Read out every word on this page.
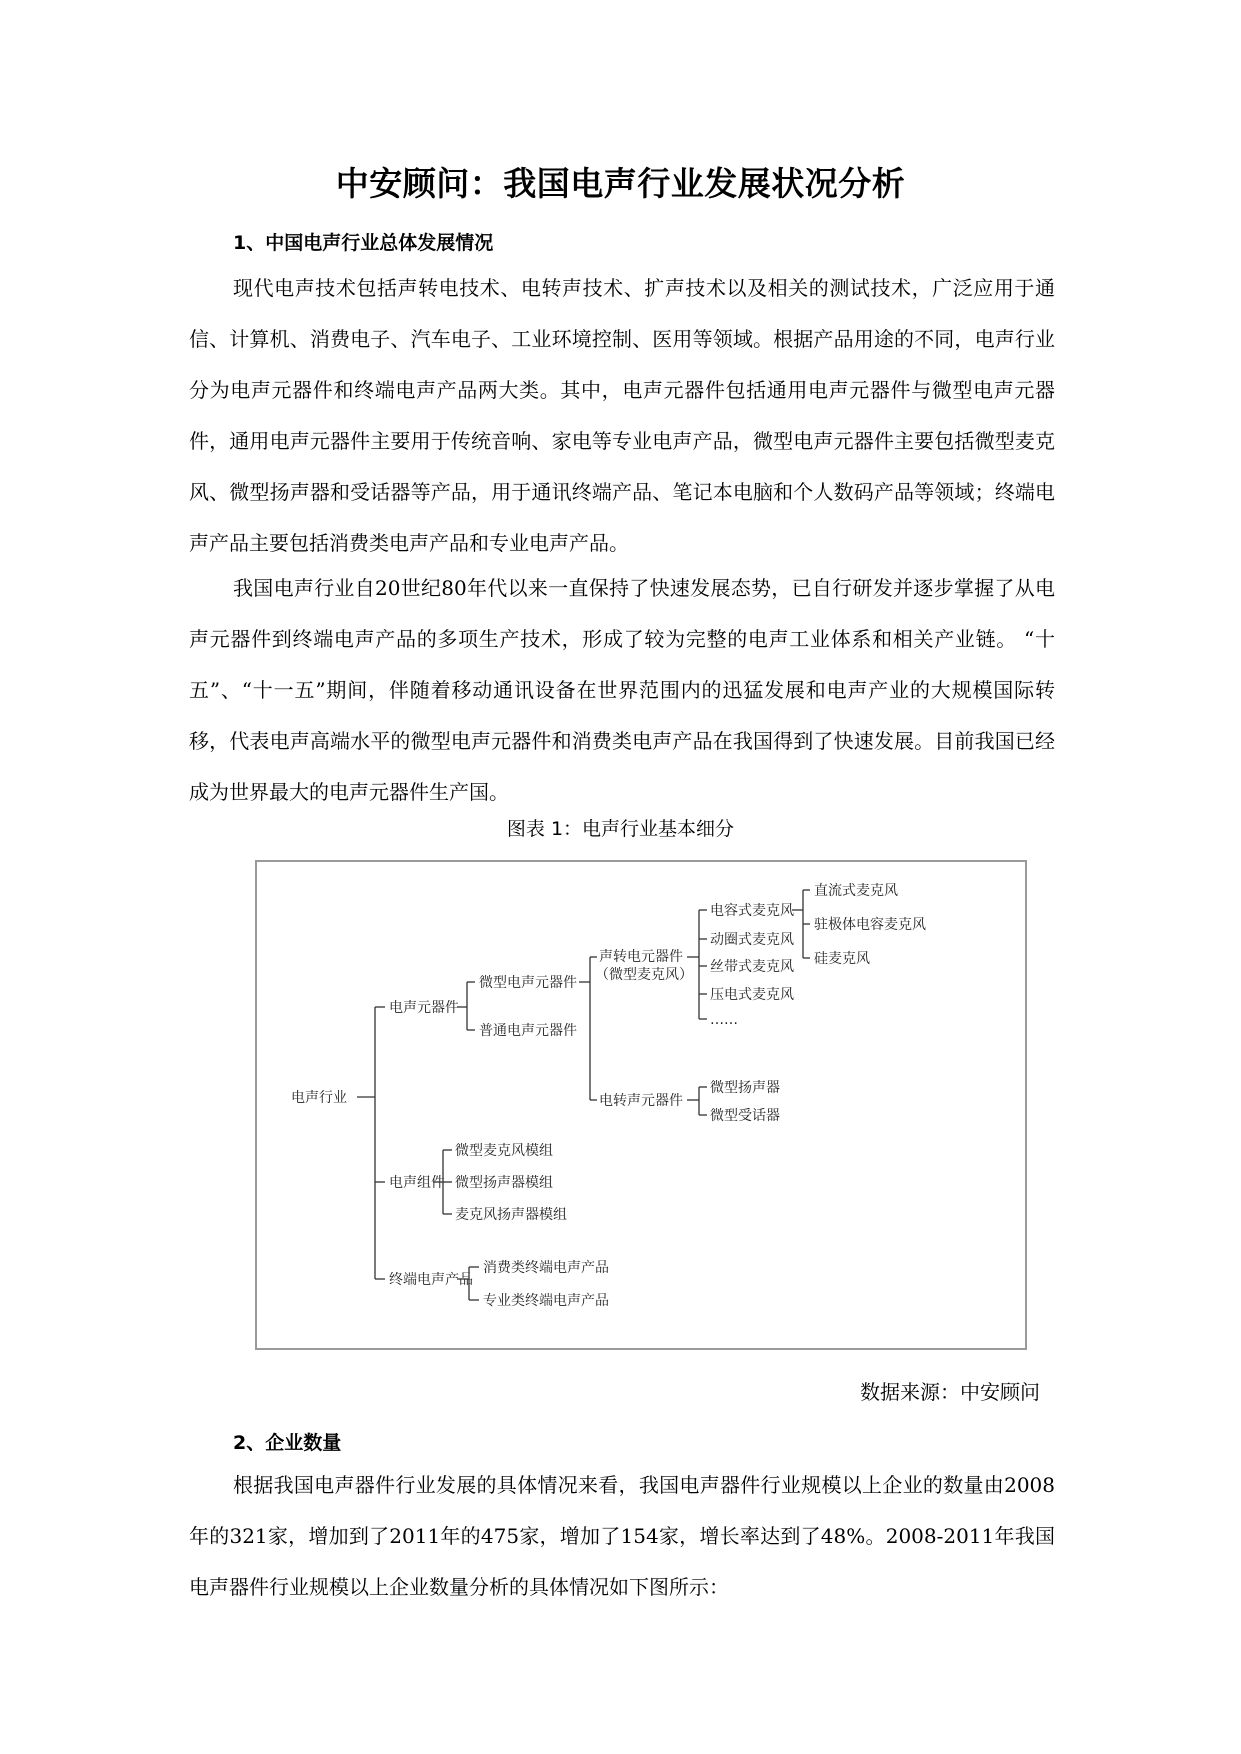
中安顾问：我国电声行业发展状况分析
1、中国电声行业总体发展情况
现代电声技术包括声转电技术、电转声技术、扩声技术以及相关的测试技术，广泛应用于通信、计算机、消费电子、汽车电子、工业环境控制、医用等领域。根据产品用途的不同，电声行业分为电声元器件和终端电声产品两大类。其中，电声元器件包括通用电声元器件与微型电声元器件，通用电声元器件主要用于传统音响、家电等专业电声产品，微型电声元器件主要包括微型麦克风、微型扬声器和受话器等产品，用于通讯终端产品、笔记本电脑和个人数码产品等领域；终端电声产品主要包括消费类电声产品和专业电声产品。
我国电声行业自20世纪80年代以来一直保持了快速发展态势，已自行研发并逐步掌握了从电声元器件到终端电声产品的多项生产技术，形成了较为完整的电声工业体系和相关产业链。 “十五”、“十一五”期间，伴随着移动通讯设备在世界范围内的迅猛发展和电声产业的大规模国际转移，代表电声高端水平的微型电声元器件和消费类电声产品在我国得到了快速发展。目前我国已经成为世界最大的电声元器件生产国。
图表 1：电声行业基本细分
电声行业
电声元器件
电声组件
终端电声产品
微型电声元器件
普通电声元器件
声转电元器件
（微型麦克风）
电转声元器件
电容式麦克风
动圈式麦克风
丝带式麦克风
压电式麦克风
……
直流式麦克风
驻极体电容麦克风
硅麦克风
微型扬声器
微型受话器
微型麦克风模组
微型扬声器模组
麦克风扬声器模组
消费类终端电声产品
专业类终端电声产品
数据来源：中安顾问
2、企业数量
根据我国电声器件行业发展的具体情况来看，我国电声器件行业规模以上企业的数量由2008年的321家，增加到了2011年的475家，增加了154家，增长率达到了48%。2008-2011年我国电声器件行业规模以上企业数量分析的具体情况如下图所示：
